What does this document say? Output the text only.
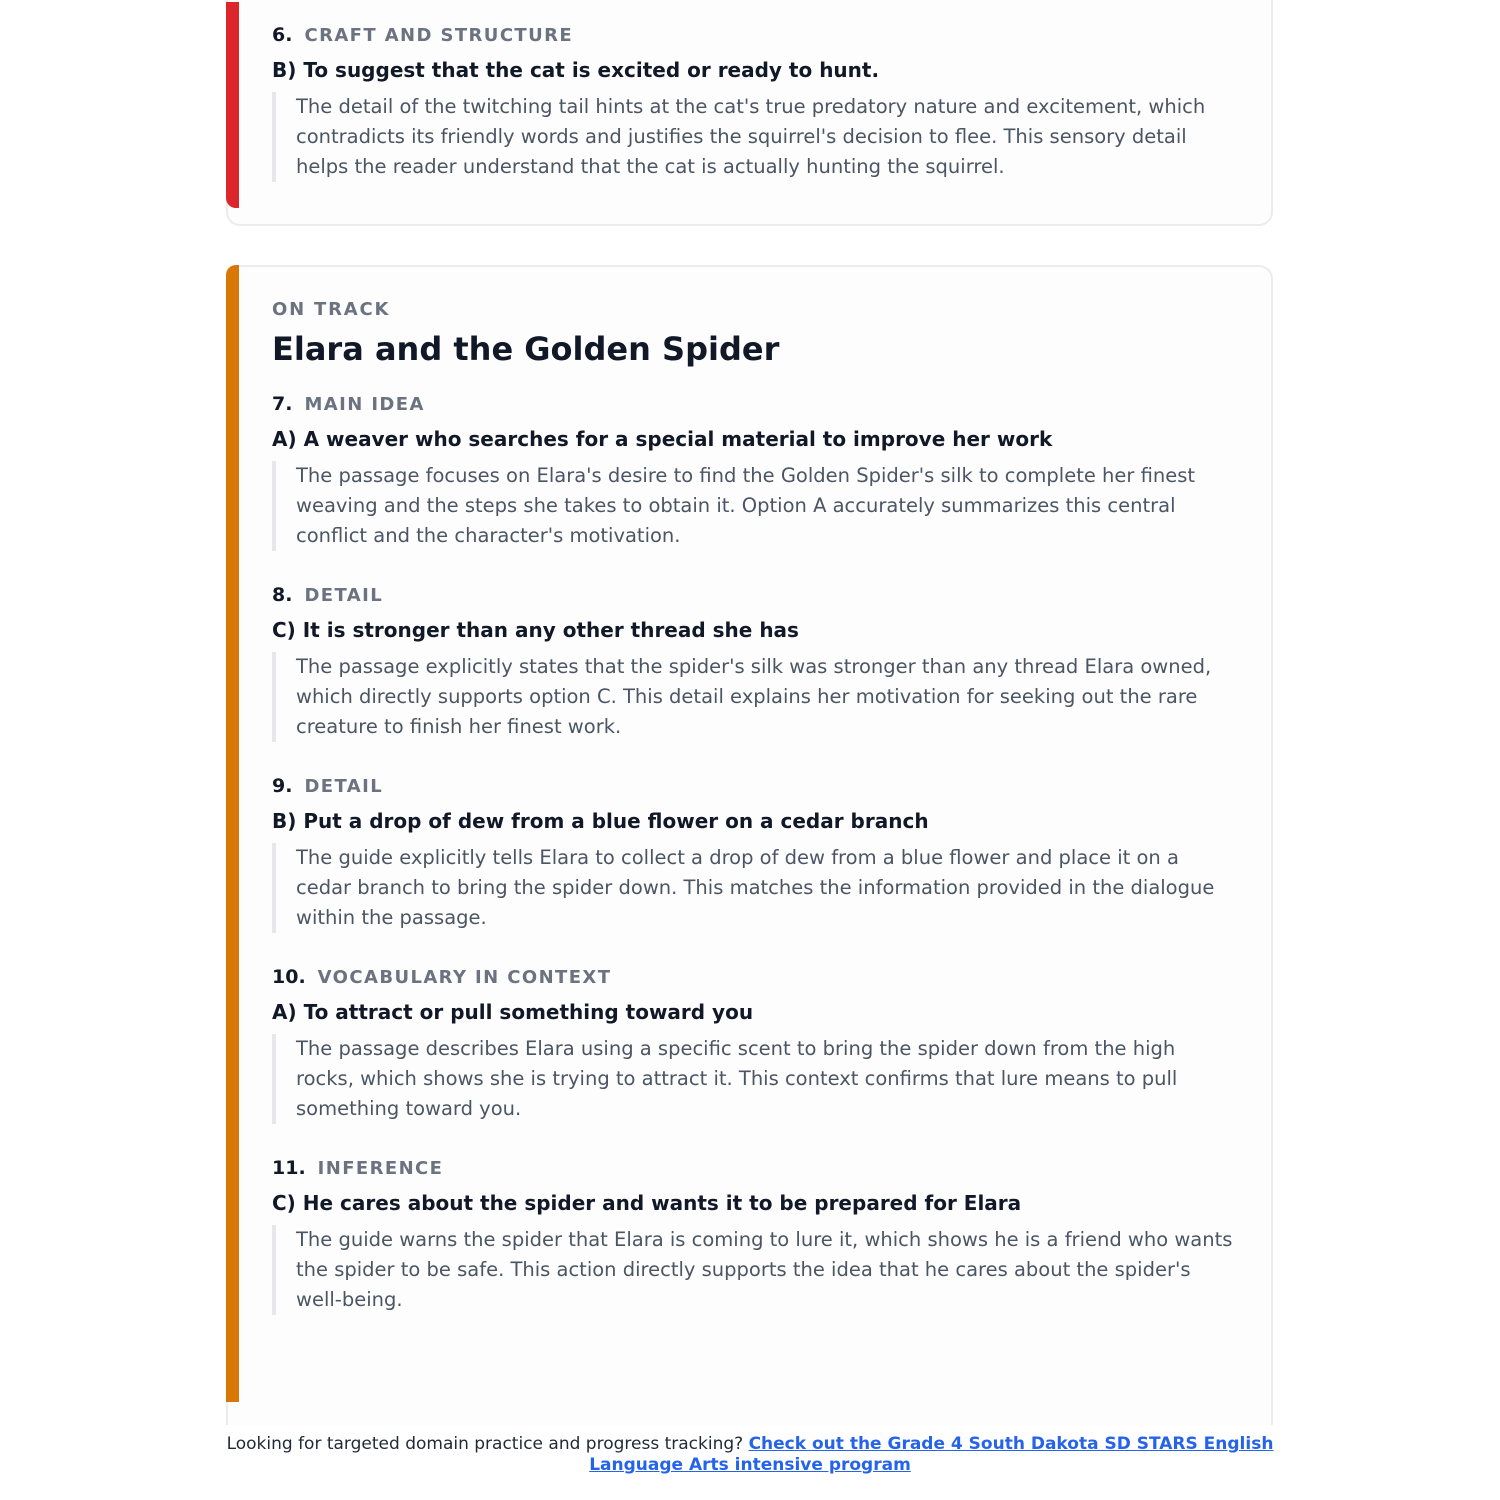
6. CRAFT AND STRUCTURE

B) To suggest that the cat is excited or ready to hunt.

The detail of the twitching tail hints at the cat's true predatory nature and excitement, which contradicts its friendly words and justifies the squirrel's decision to flee. This sensory detail helps the reader understand that the cat is actually hunting the squirrel.

ON TRACK

Elara and the Golden Spider
7. MAIN IDEA

A) A weaver who searches for a special material to improve her work

The passage focuses on Elara's desire to find the Golden Spider's silk to complete her finest weaving and the steps she takes to obtain it. Option A accurately summarizes this central conflict and the character's motivation.

8. DETAIL

C) It is stronger than any other thread she has

The passage explicitly states that the spider's silk was stronger than any thread Elara owned, which directly supports option C. This detail explains her motivation for seeking out the rare creature to finish her finest work.

9. DETAIL

B) Put a drop of dew from a blue flower on a cedar branch

The guide explicitly tells Elara to collect a drop of dew from a blue flower and place it on a cedar branch to bring the spider down. This matches the information provided in the dialogue within the passage.

10. VOCABULARY IN CONTEXT

A) To attract or pull something toward you

The passage describes Elara using a specific scent to bring the spider down from the high rocks, which shows she is trying to attract it. This context confirms that lure means to pull something toward you.

11. INFERENCE

C) He cares about the spider and wants it to be prepared for Elara

The guide warns the spider that Elara is coming to lure it, which shows he is a friend who wants the spider to be safe. This action directly supports the idea that he cares about the spider's well-being.

Looking for targeted domain practice and progress tracking? Check out the Grade 4 South Dakota SD STARS English Language Arts intensive program
